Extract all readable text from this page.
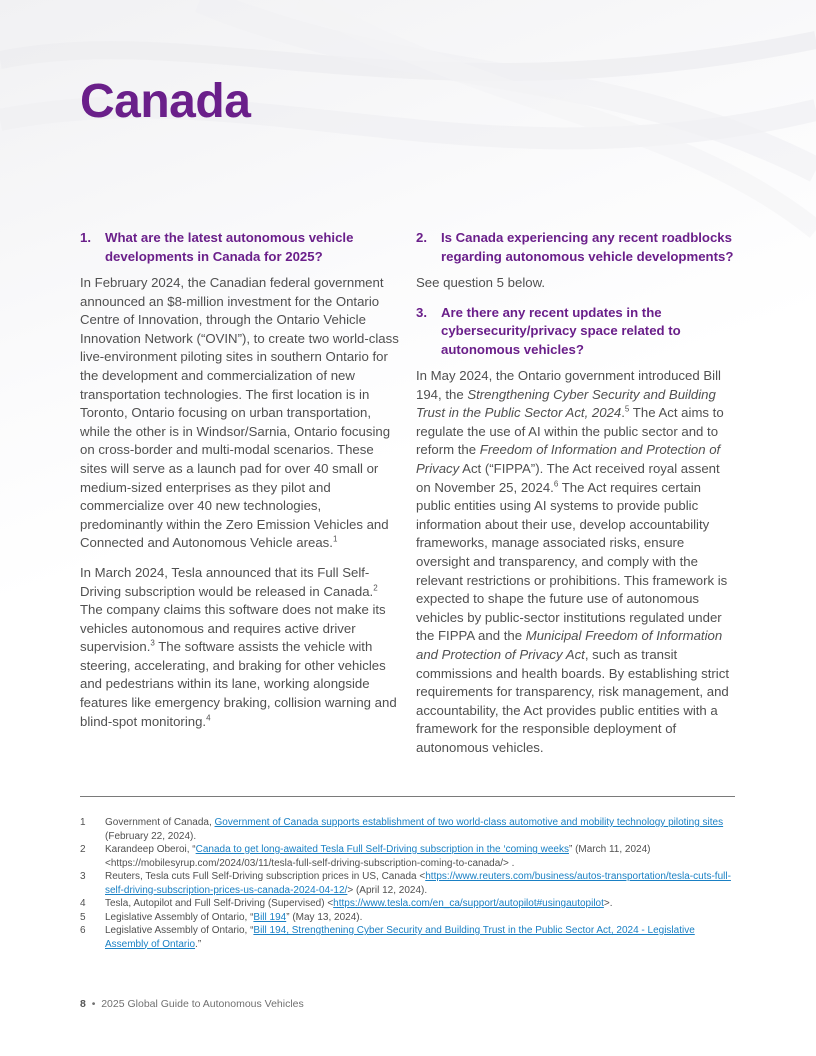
Canada
1.	What are the latest autonomous vehicle developments in Canada for 2025?

In February 2024, the Canadian federal government announced an $8-million investment for the Ontario Centre of Innovation, through the Ontario Vehicle Innovation Network (“OVIN”), to create two world-class live-environment piloting sites in southern Ontario for the development and commercialization of new transportation technologies. The first location is in Toronto, Ontario focusing on urban transportation, while the other is in Windsor/Sarnia, Ontario focusing on cross-border and multi-modal scenarios. These sites will serve as a launch pad for over 40 small or medium-sized enterprises as they pilot and commercialize over 40 new technologies, predominantly within the Zero Emission Vehicles and Connected and Autonomous Vehicle areas.$^1$

In March 2024, Tesla announced that its Full Self-Driving subscription would be released in Canada.$^2$ The company claims this software does not make its vehicles autonomous and requires active driver supervision.$^3$ The software assists the vehicle with steering, accelerating, and braking for other vehicles and pedestrians within its lane, working alongside features like emergency braking, collision warning and blind-spot monitoring.$^4$

2.	Is Canada experiencing any recent roadblocks regarding autonomous vehicle developments?

See question 5 below.

3.	Are there any recent updates in the cybersecurity/privacy space related to autonomous vehicles?

In May 2024, the Ontario government introduced Bill 194, the Strengthening Cyber Security and Building Trust in the Public Sector Act, 2024.$^5$ The Act aims to regulate the use of AI within the public sector and to reform the Freedom of Information and Protection of Privacy Act (“FIPPA”). The Act received royal assent on November 25, 2024.$^6$ The Act requires certain public entities using AI systems to provide public information about their use, develop accountability frameworks, manage associated risks, ensure oversight and transparency, and comply with the relevant restrictions or prohibitions. This framework is expected to shape the future use of autonomous vehicles by public-sector institutions regulated under the FIPPA and the Municipal Freedom of Information and Protection of Privacy Act, such as transit commissions and health boards. By establishing strict requirements for transparency, risk management, and accountability, the Act provides public entities with a framework for the responsible deployment of autonomous vehicles.

1	Government of Canada, Government of Canada supports establishment of two world-class automotive and mobility technology piloting sites (February 22, 2024).
2	Karandeep Oberoi, “Canada to get long-awaited Tesla Full Self-Driving subscription in the ‘coming weeks” (March 11, 2024) <https://mobilesyrup.com/2024/03/11/tesla-full-self-driving-subscription-coming-to-canada/> .
3	Reuters, Tesla cuts Full Self-Driving subscription prices in US, Canada <https://www.reuters.com/business/autos-transportation/tesla-cuts-full-self-driving-subscription-prices-us-canada-2024-04-12/> (April 12, 2024).
4	Tesla, Autopilot and Full Self-Driving (Supervised) <https://www.tesla.com/en_ca/support/autopilot#usingautopilot>.
5	Legislative Assembly of Ontario, “Bill 194” (May 13, 2024).
6	Legislative Assembly of Ontario, “Bill 194, Strengthening Cyber Security and Building Trust in the Public Sector Act, 2024 - Legislative Assembly of Ontario.”
8 • 2025 Global Guide to Autonomous Vehicles
